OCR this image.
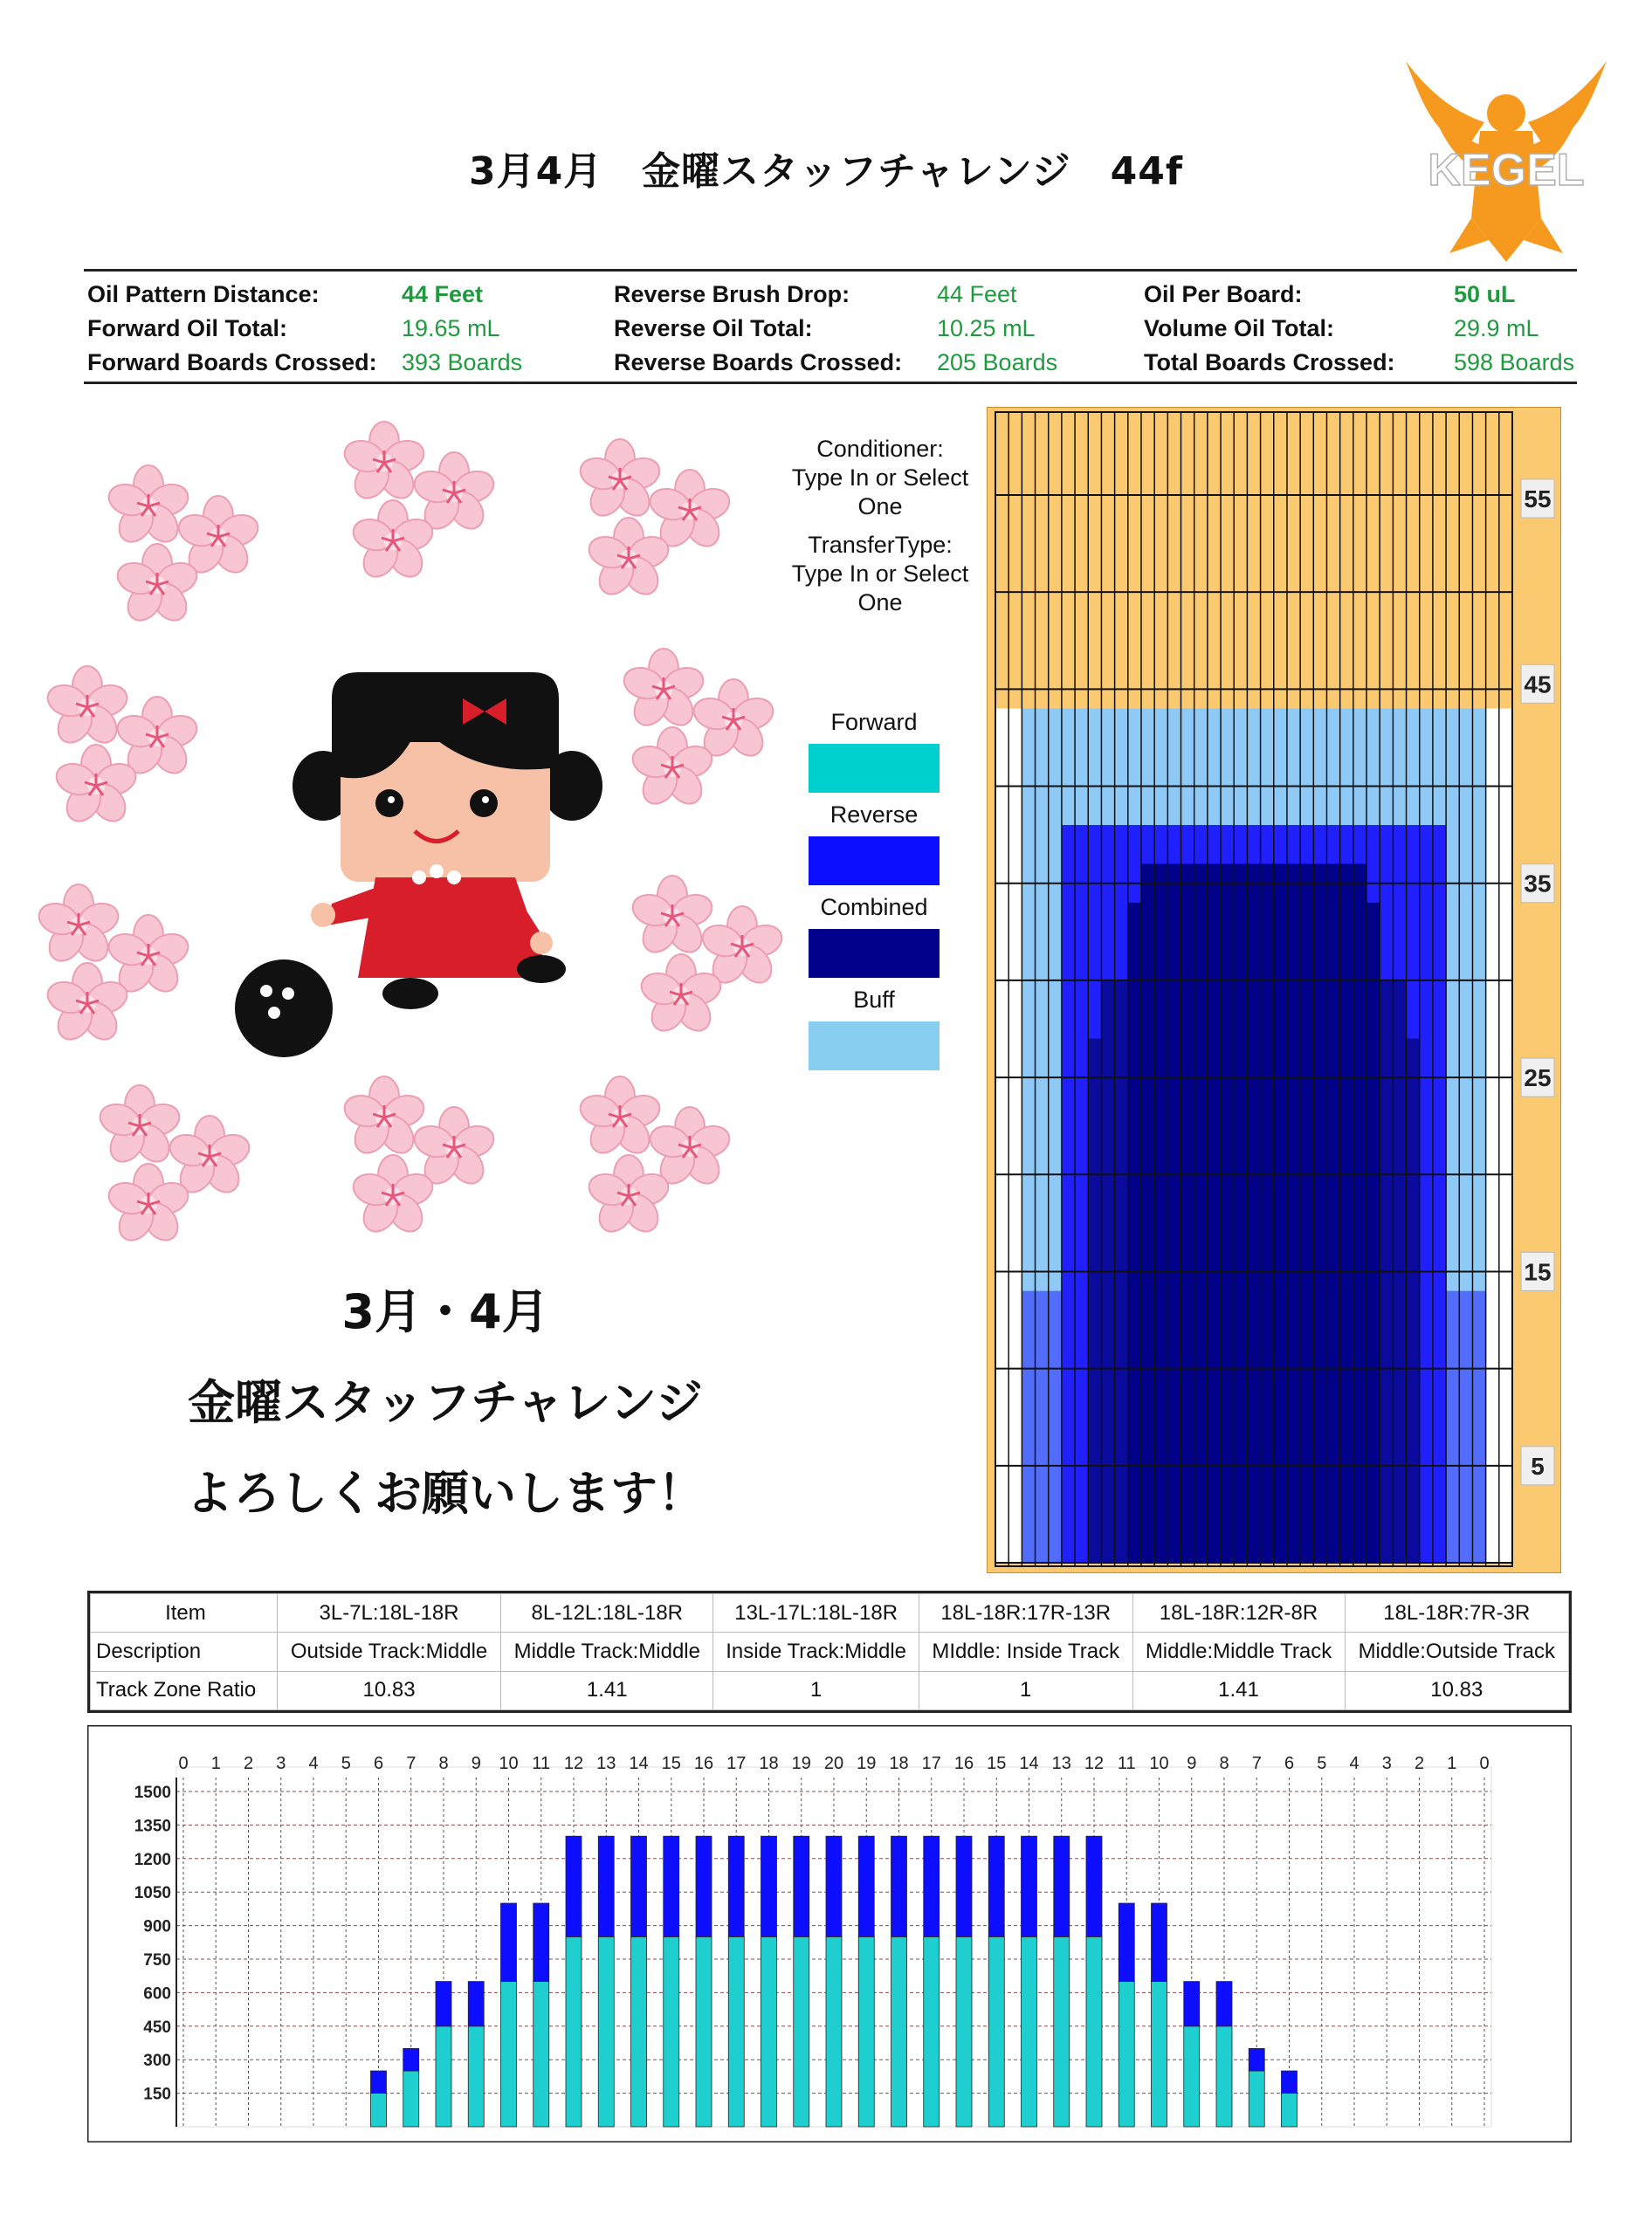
3月4月　金曜スタッフチャレンジ　44f	KEGEL
Oil Pattern Distance:	44 Feet
Forward Oil Total:	19.65 mL
Forward Boards Crossed: 393 Boards
Reverse Brush Drop:	44 Feet
Reverse Oil Total:	10.25 mL
Reverse Boards Crossed: 205 Boards
Oil Per Board:	50 uL
Volume Oil Total:	29.9 mL
Total Boards Crossed: 598 Boards
3月・4月
金曜スタッフチャレンジ
よろしくお願いします！
Conditioner:
Type In or Select
One
TransferType:
Type In or Select
One
Forward
Reverse
Combined
Buff
55
45
35
25
15
5
Item	3L-7L:18L-18R	8L-12L:18L-18R	13L-17L:18L-18R	18L-18R:17R-13R	18L-18R:12R-8R	18L-18R:7R-3R
Description	Outside Track:Middle	Middle Track:Middle	Inside Track:Middle	MIddle: Inside Track	Middle:Middle Track	Middle:Outside Track
Track Zone Ratio	10.83	1.41	1	1	1.41	10.83
0 1 2 3 4 5 6 7 8 9 10 11 12 13 14 15 16 17 18 19 20 19 18 17 16 15 14 13 12 11 10 9 8 7 6 5 4 3 2 1 0
150
300
450
600
750
900
1050
1200
1350
1500
